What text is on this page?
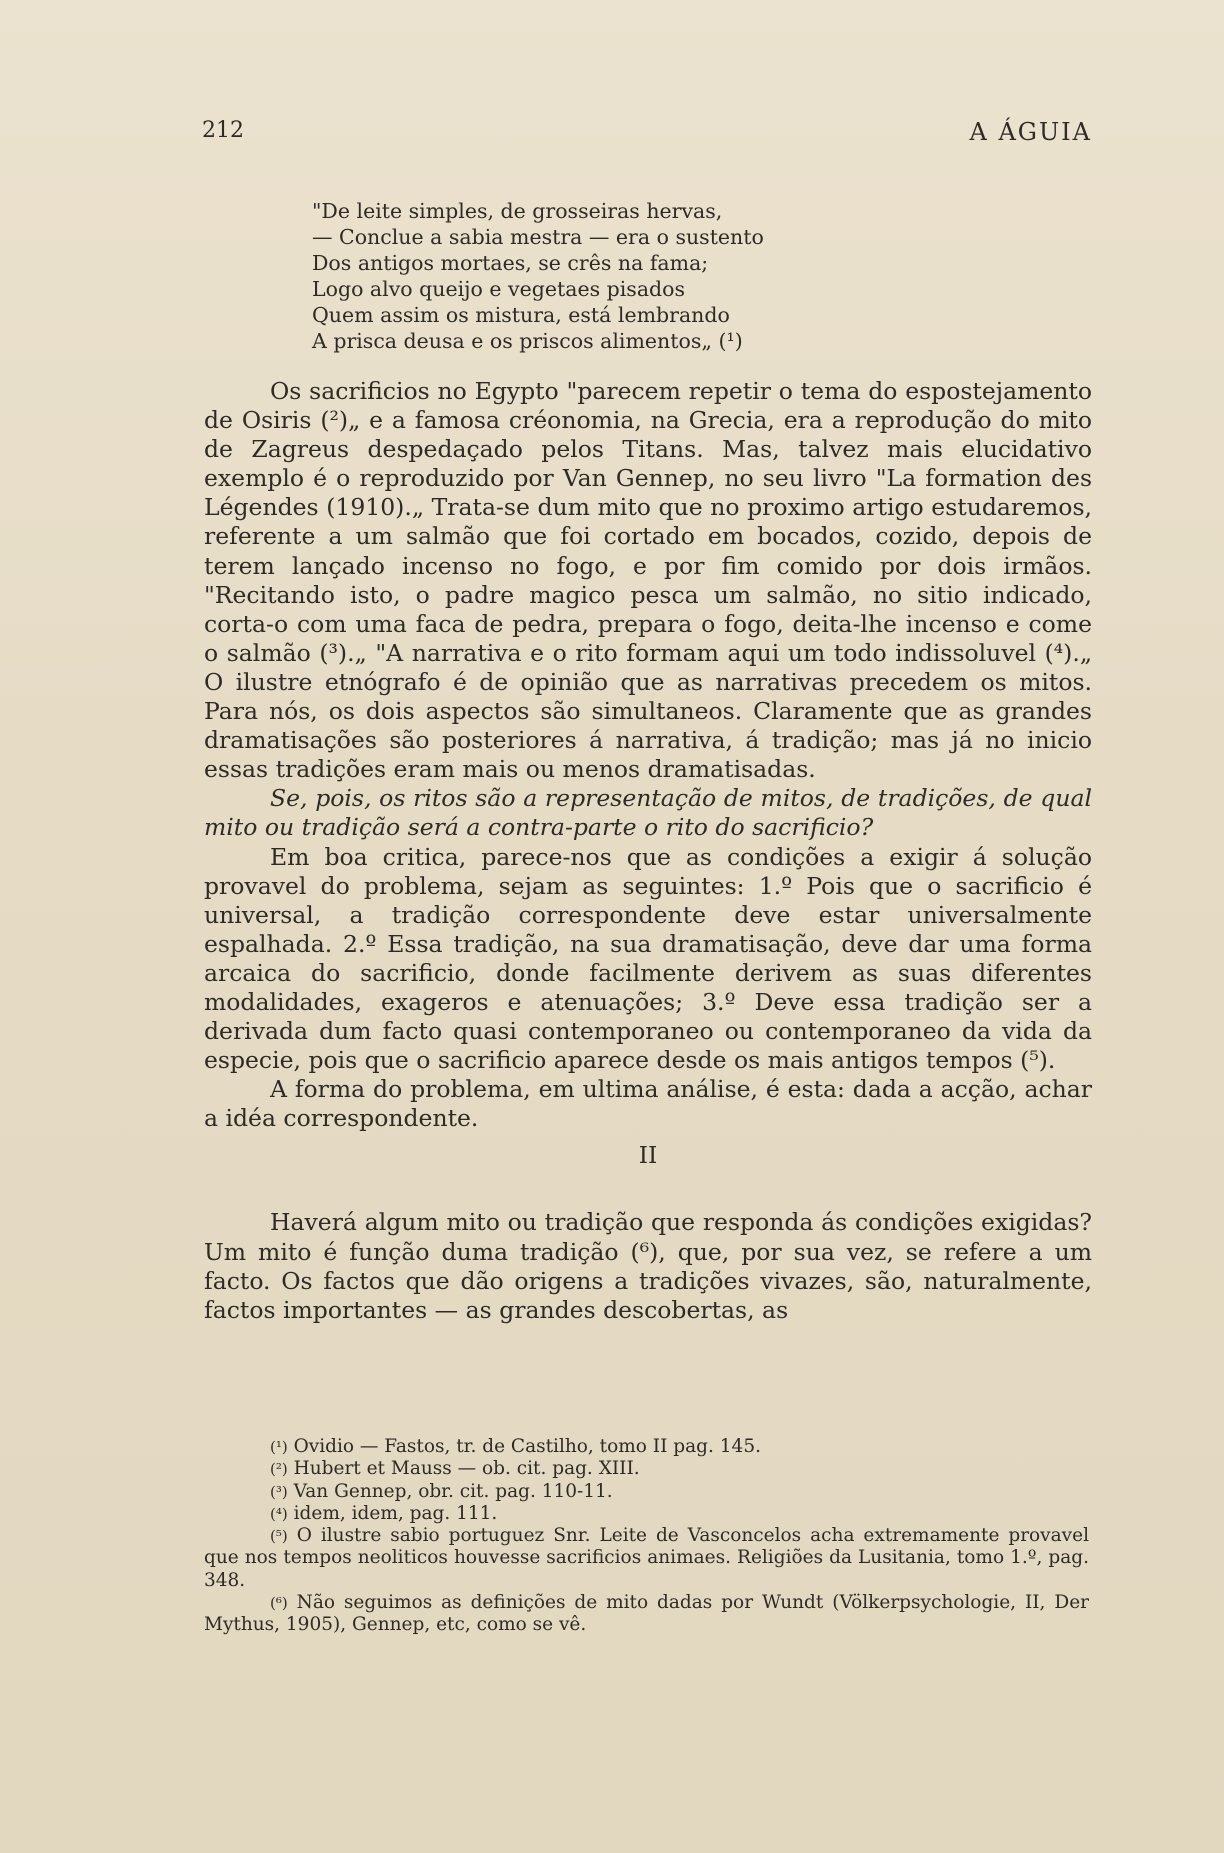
212	A ÁGUIA
"De leite simples, de grosseiras hervas,
— Conclue a sabia mestra — era o sustento
Dos antigos mortaes, se crês na fama;
Logo alvo queijo e vegetaes pisados
Quem assim os mistura, está lembrando
A prisca deusa e os priscos alimentos„ (¹)

Os sacrificios no Egypto "parecem repetir o tema do espostejamento de Osiris (²)„ e a famosa créonomia, na Grecia, era a reprodução do mito de Zagreus despedaçado pelos Titans. Mas, talvez mais elucidativo exemplo é o reproduzido por Van Gennep, no seu livro "La formation des Légendes (1910).„ Trata-se dum mito que no proximo artigo estudaremos, referente a um salmão que foi cortado em bocados, cozido, depois de terem lançado incenso no fogo, e por fim comido por dois irmãos. "Recitando isto, o padre magico pesca um salmão, no sitio indicado, corta-o com uma faca de pedra, prepara o fogo, deita-lhe incenso e come o salmão (³).„ "A narrativa e o rito formam aqui um todo indissoluvel (⁴).„ O ilustre etnógrafo é de opinião que as narrativas precedem os mitos. Para nós, os dois aspectos são simultaneos. Claramente que as grandes dramatisações são posteriores á narrativa, á tradição; mas já no inicio essas tradições eram mais ou menos dramatisadas.

Se, pois, os ritos são a representação de mitos, de tradições, de qual mito ou tradição será a contra-parte o rito do sacrificio?

Em boa critica, parece-nos que as condições a exigir á solução provavel do problema, sejam as seguintes: 1.º Pois que o sacrificio é universal, a tradição correspondente deve estar universalmente espalhada. 2.º Essa tradição, na sua dramatisação, deve dar uma forma arcaica do sacrificio, donde facilmente derivem as suas diferentes modalidades, exageros e atenuações; 3.º Deve essa tradição ser a derivada dum facto quasi contemporaneo ou contemporaneo da vida da especie, pois que o sacrificio aparece desde os mais antigos tempos (⁵).

A forma do problema, em ultima análise, é esta: dada a acção, achar a idéa correspondente.

II

Haverá algum mito ou tradição que responda ás condições exigidas? Um mito é função duma tradição (⁶), que, por sua vez, se refere a um facto. Os factos que dão origens a tradições vivazes, são, naturalmente, factos importantes — as grandes descobertas, as

(¹) Ovidio — Fastos, tr. de Castilho, tomo II pag. 145.

(²) Hubert et Mauss — ob. cit. pag. XIII.

(³) Van Gennep, obr. cit. pag. 110-11.

(⁴) idem, idem, pag. 111.

(⁵) O ilustre sabio portuguez Snr. Leite de Vasconcelos acha extremamente provavel que nos tempos neoliticos houvesse sacrificios animaes. Religiões da Lusitania, tomo 1.º, pag. 348.

(⁶) Não seguimos as definições de mito dadas por Wundt (Völkerpsychologie, II, Der Mythus, 1905), Gennep, etc, como se vê.
